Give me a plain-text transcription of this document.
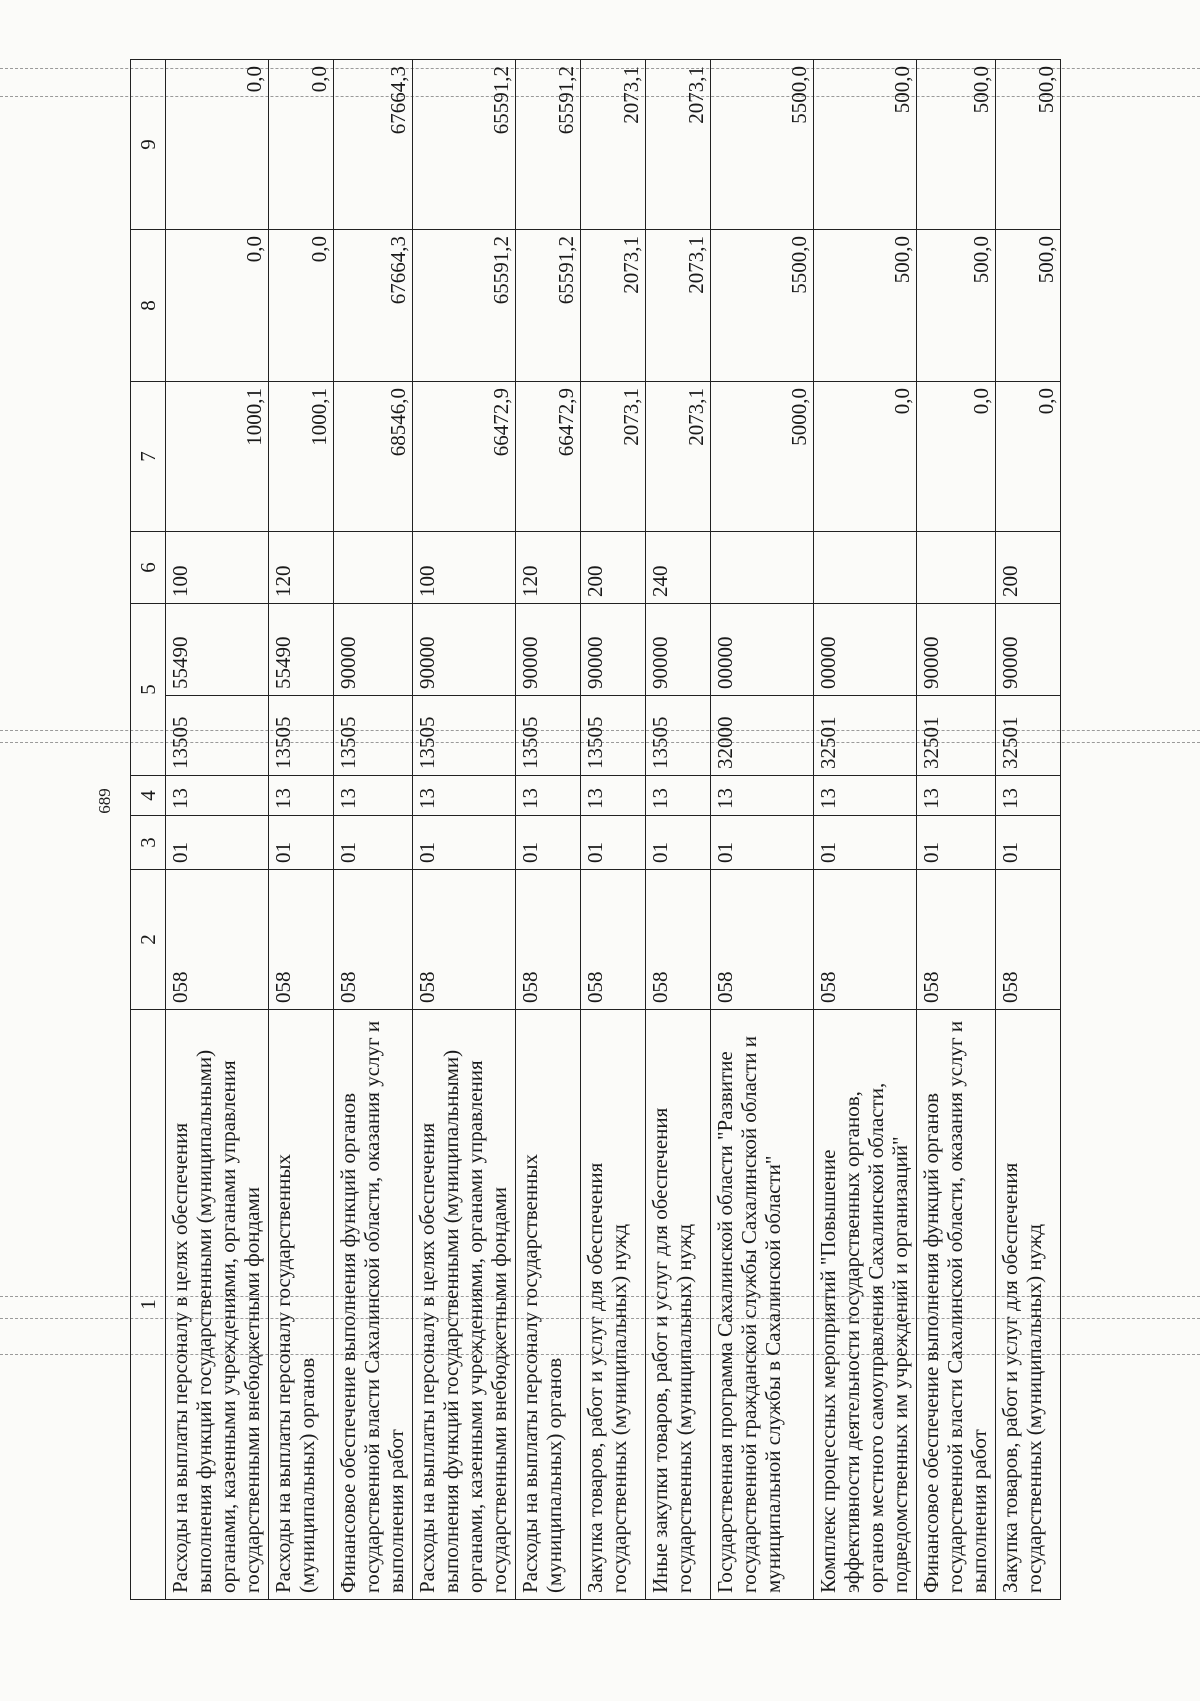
689
1	2	3	4	5		6	7	8	9
Расходы на выплаты персоналу в целях обеспечения выполнения функций государственными (муниципальными) органами, казенными учреждениями, органами управления государственными внебюджетными фондами	058	01	13	13505	55490	100	1000,1	0,0	0,0
Расходы на выплаты персоналу государственных (муниципальных) органов	058	01	13	13505	55490	120	1000,1	0,0	0,0
Финансовое обеспечение выполнения функций органов государственной власти Сахалинской области, оказания услуг и выполнения работ	058	01	13	13505	90000		68546,0	67664,3	67664,3
Расходы на выплаты персоналу в целях обеспечения выполнения функций государственными (муниципальными) органами, казенными учреждениями, органами управления государственными внебюджетными фондами	058	01	13	13505	90000	100	66472,9	65591,2	65591,2
Расходы на выплаты персоналу государственных (муниципальных) органов	058	01	13	13505	90000	120	66472,9	65591,2	65591,2
Закупка товаров, работ и услуг для обеспечения государственных (муниципальных) нужд	058	01	13	13505	90000	200	2073,1	2073,1	2073,1
Иные закупки товаров, работ и услуг для обеспечения государственных (муниципальных) нужд	058	01	13	13505	90000	240	2073,1	2073,1	2073,1
Государственная программа Сахалинской области "Развитие государственной гражданской службы Сахалинской области и муниципальной службы в Сахалинской области"	058	01	13	32000	00000		5000,0	5500,0	5500,0
Комплекс процессных мероприятий "Повышение эффективности деятельности государственных органов, органов местного самоуправления Сахалинской области, подведомственных им учреждений и организаций"	058	01	13	32501	00000		0,0	500,0	500,0
Финансовое обеспечение выполнения функций органов государственной власти Сахалинской области, оказания услуг и выполнения работ	058	01	13	32501	90000		0,0	500,0	500,0
Закупка товаров, работ и услуг для обеспечения государственных (муниципальных) нужд	058	01	13	32501	90000	200	0,0	500,0	500,0
